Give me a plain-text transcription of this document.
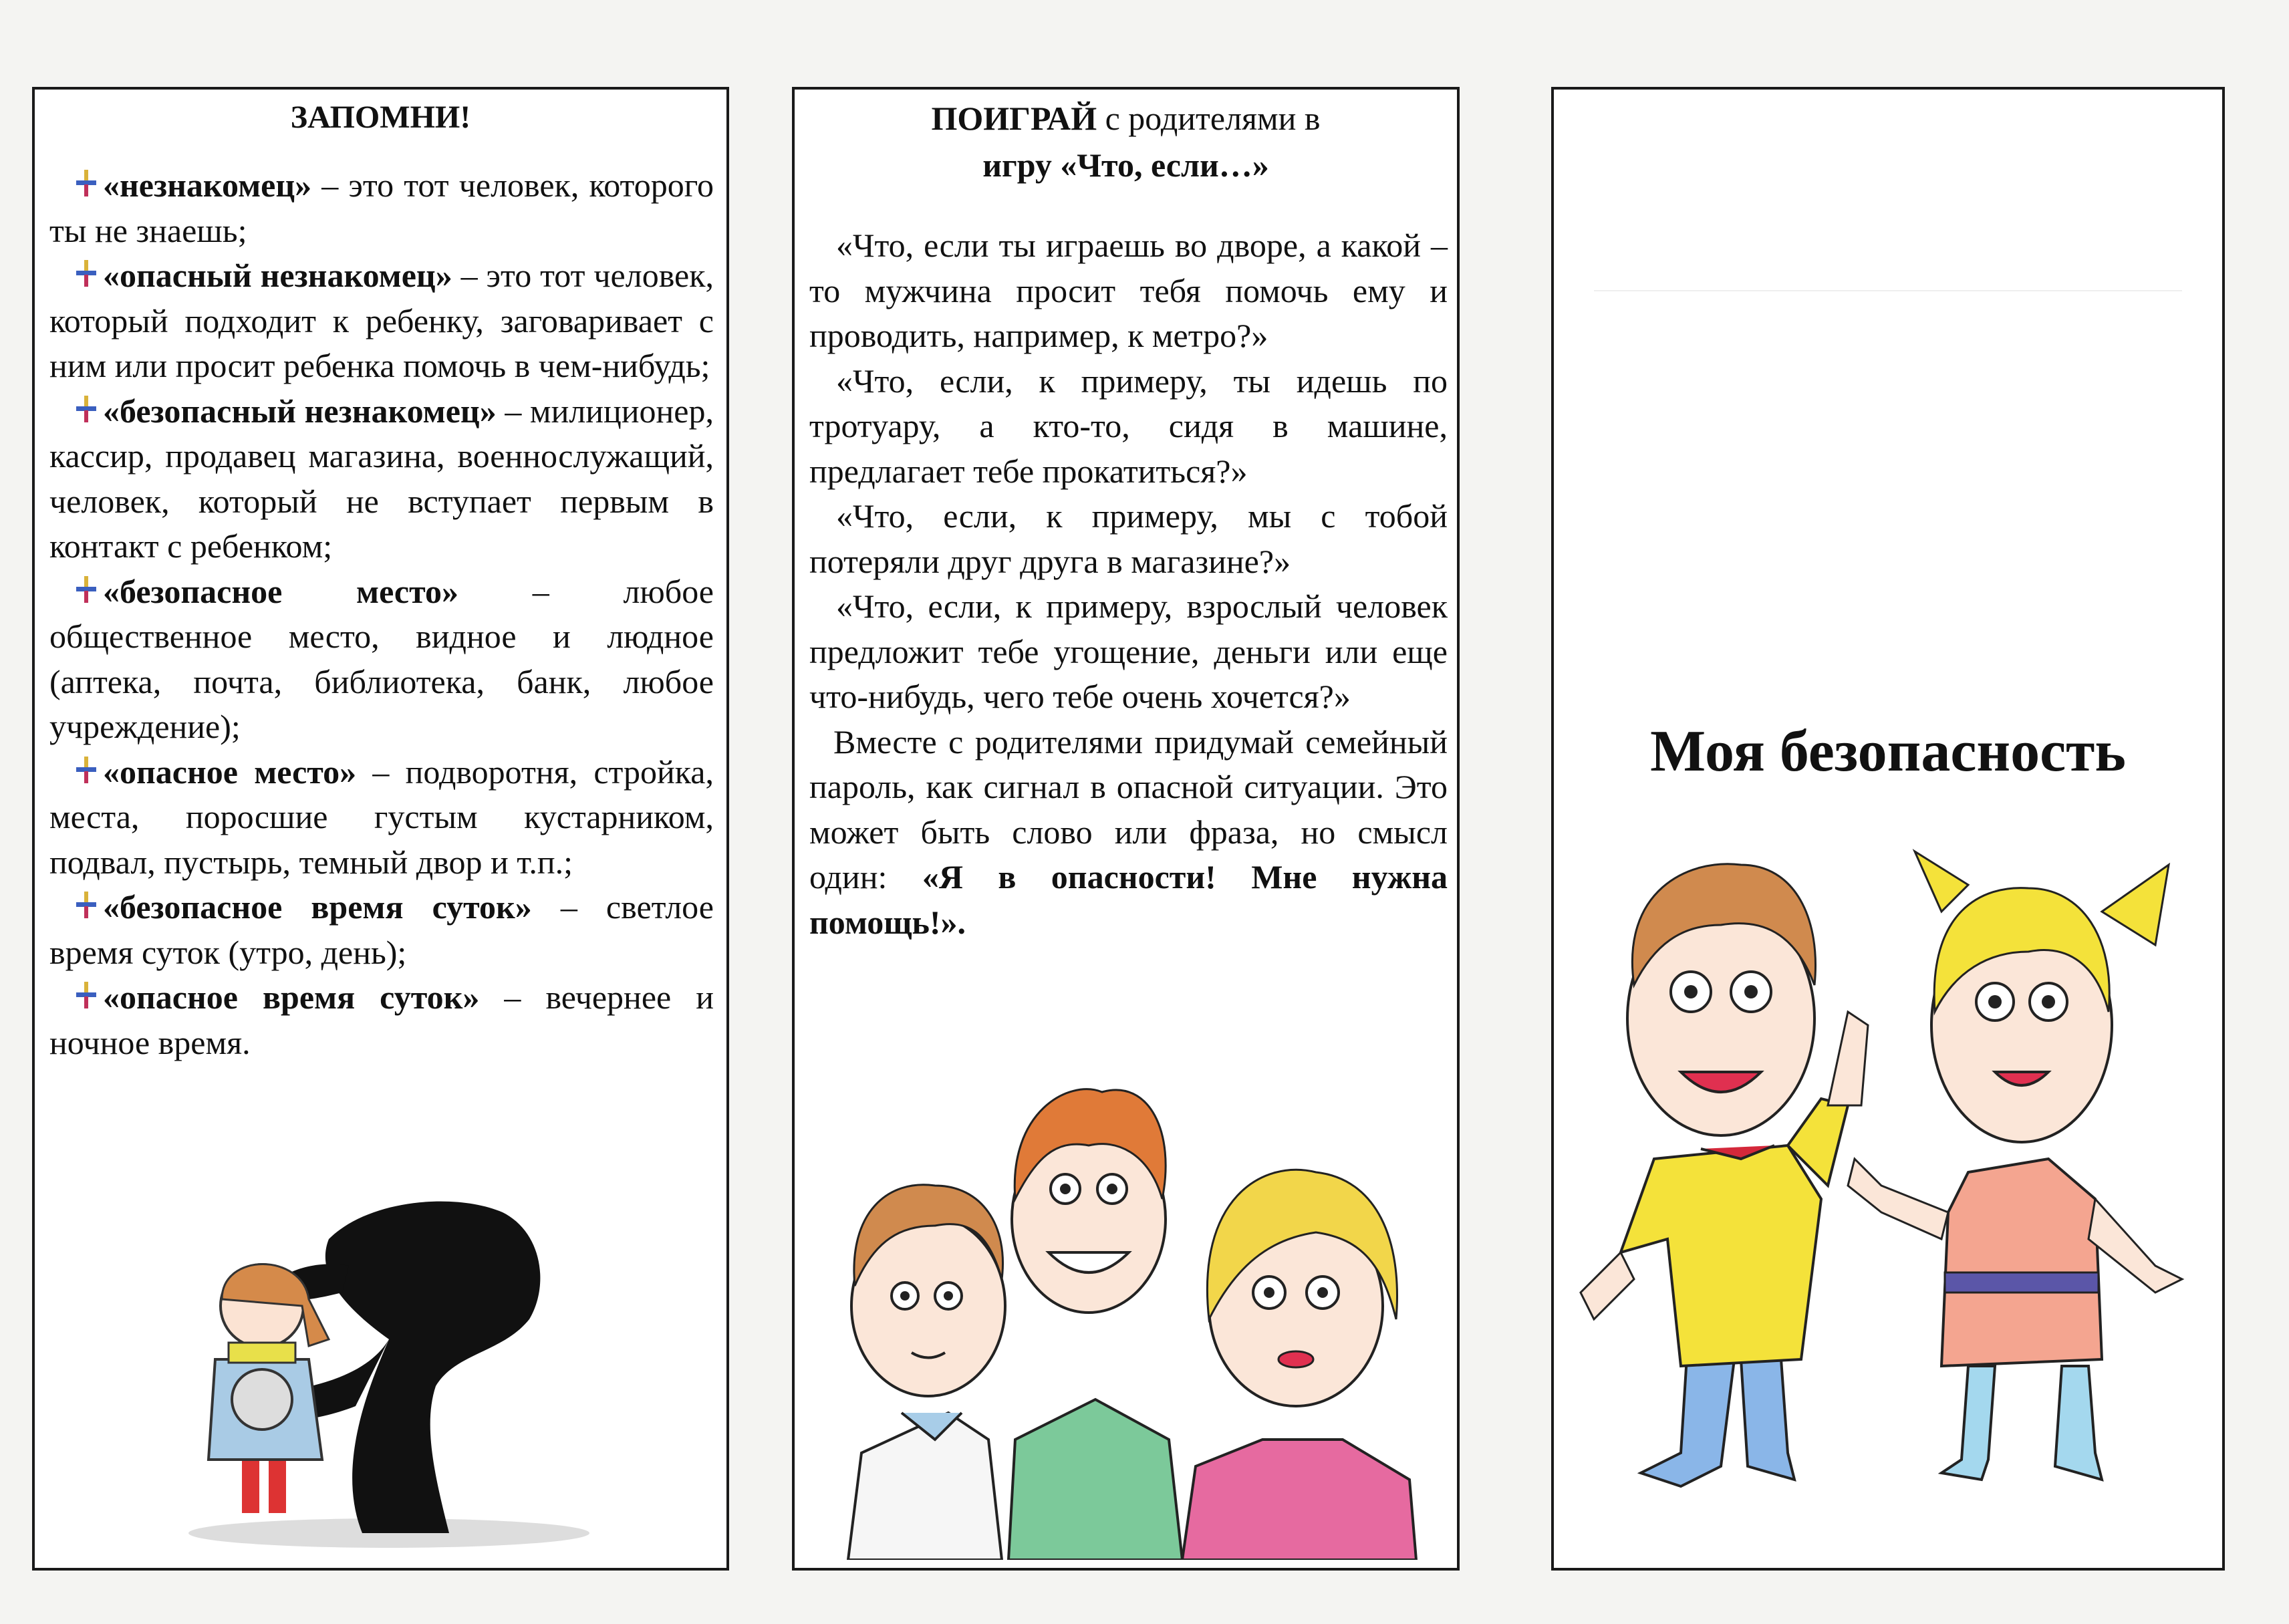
ЗАПОМНИ!

«незнакомец» – это тот человек, которого ты не знаешь;

«опасный незнакомец» – это тот человек, который подходит к ребенку, заговаривает с ним или просит ребенка помочь в чем-нибудь;

«безопасный незнакомец» – милиционер, кассир, продавец магазина, военнослужащий, человек, который не вступает первым в контакт с ребенком;

«безопасное место» – любое общественное место, видное и людное (аптека, почта, библиотека, банк, любое учреждение);

«опасное место» – подворотня, стройка, места, поросшие густым кустарником, подвал, пустырь, темный двор и т.п.;

«безопасное время суток» – светлое время суток (утро, день);

«опасное время суток» – вечернее и ночное время.

ПОИГРАЙ с родителями в
игру «Что, если…»

«Что, если ты играешь во дворе, а какой – то мужчина просит тебя помочь ему и проводить, например, к метро?»

«Что, если, к примеру, ты идешь по тротуару, а кто-то, сидя в машине, предлагает тебе прокатиться?»

«Что, если, к примеру, мы с тобой потеряли друг друга в магазине?»

«Что, если, к примеру, взрослый человек предложит тебе угощение, деньги или еще что-нибудь, чего тебе очень хочется?»

Вместе с родителями придумай семейный пароль, как сигнал в опасной ситуации. Это может быть слово или фраза, но смысл один: «Я в опасности! Мне нужна помощь!».

Моя безопасность
